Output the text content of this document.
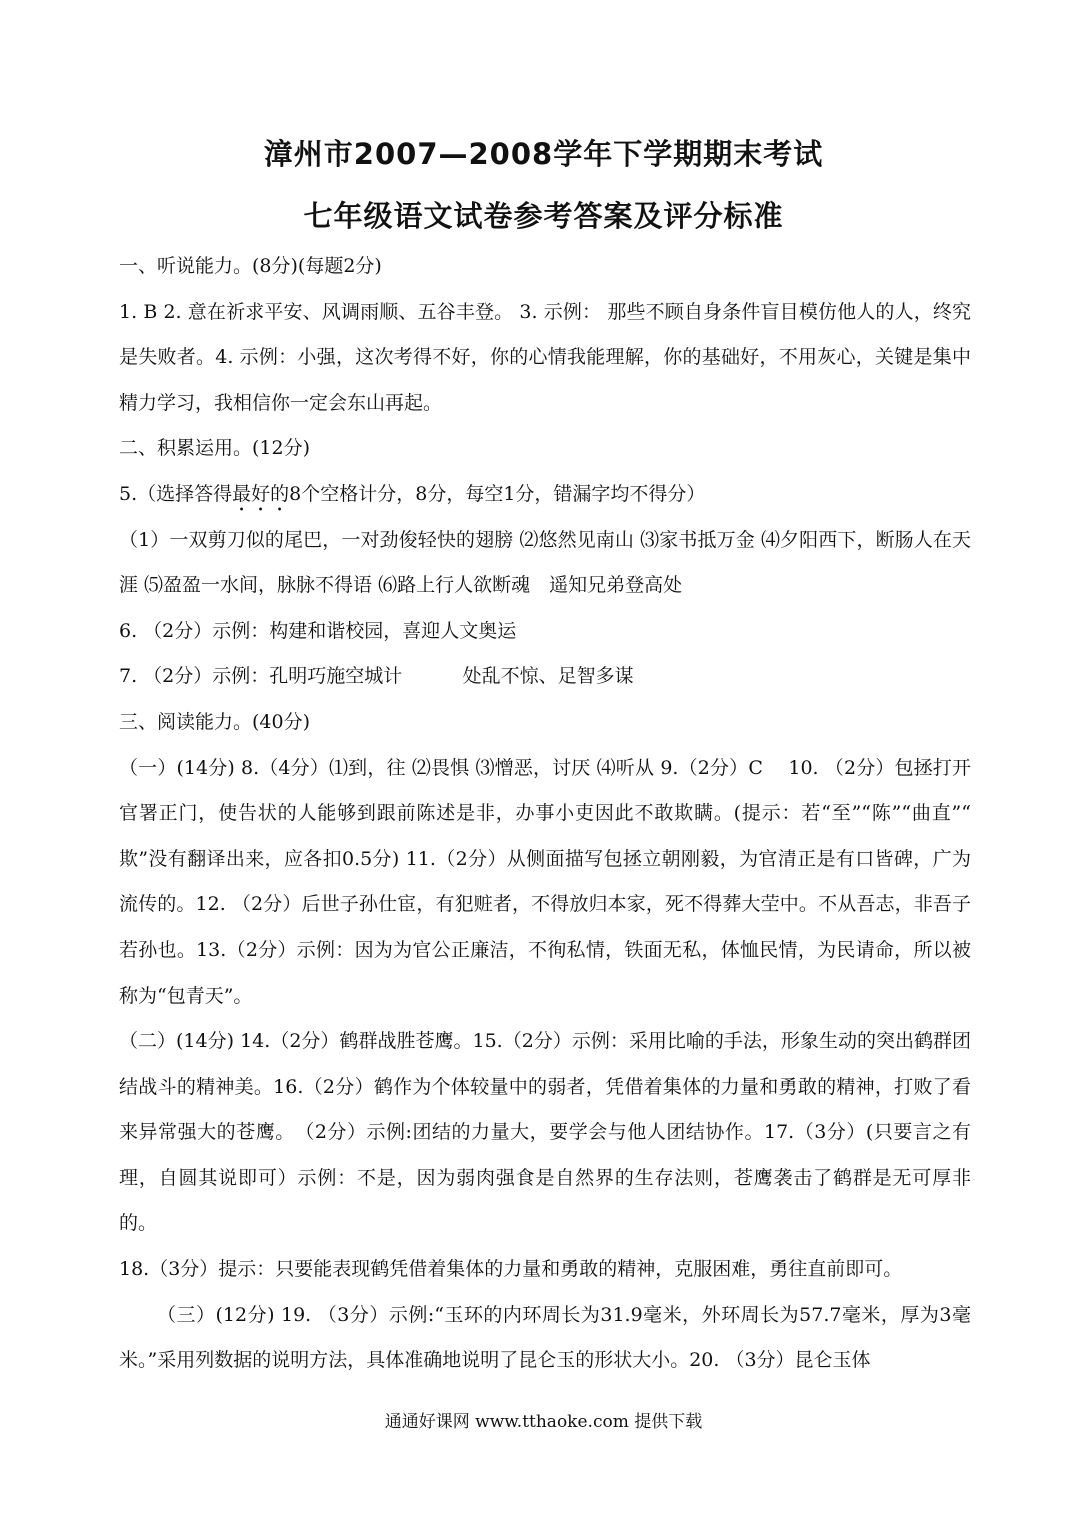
漳州市2007—2008学年下学期期末考试
七年级语文试卷参考答案及评分标准

一、听说能力。(8分)(每题2分)

1. B 2. 意在祈求平安、风调雨顺、五谷丰登。 3. 示例： 那些不顾自身条件盲目模仿他人的人，终究是失败者。4. 示例：小强，这次考得不好，你的心情我能理解，你的基础好，不用灰心，关键是集中精力学习，我相信你一定会东山再起。

二、积累运用。(12分)

5.（选择答得最好的8个空格计分，8分，每空1分，错漏字均不得分）

（1）一双剪刀似的尾巴，一对劲俊轻快的翅膀 ⑵悠然见南山 ⑶家书抵万金 ⑷夕阳西下，断肠人在天涯 ⑸盈盈一水间，脉脉不得语 ⑹路上行人欲断魂　遥知兄弟登高处

6. （2分）示例：构建和谐校园，喜迎人文奥运

7. （2分）示例：孔明巧施空城计	处乱不惊、足智多谋

三、阅读能力。(40分)

（一）(14分) 8.（4分）⑴到，往 ⑵畏惧 ⑶憎恶，讨厌 ⑷听从 9.（2分）C　 10. （2分）包拯打开官署正门，使告状的人能够到跟前陈述是非，办事小吏因此不敢欺瞒。(提示：若“至”“陈”“曲直”“ 欺”没有翻译出来，应各扣0.5分) 11.（2分）从侧面描写包拯立朝刚毅，为官清正是有口皆碑，广为流传的。12. （2分）后世子孙仕宦，有犯赃者，不得放归本家，死不得葬大茔中。不从吾志，非吾子若孙也。13.（2分）示例：因为为官公正廉洁，不徇私情，铁面无私，体恤民情，为民请命，所以被称为“包青天”。

（二）(14分) 14.（2分）鹤群战胜苍鹰。15.（2分）示例：采用比喻的手法，形象生动的突出鹤群团结战斗的精神美。16.（2分）鹤作为个体较量中的弱者，凭借着集体的力量和勇敢的精神，打败了看来异常强大的苍鹰。　（2分）示例:团结的力量大，要学会与他人团结协作。17.（3分）(只要言之有理，自圆其说即可）示例：不是，因为弱肉强食是自然界的生存法则，苍鹰袭击了鹤群是无可厚非的。

18.（3分）提示：只要能表现鹤凭借着集体的力量和勇敢的精神，克服困难，勇往直前即可。

（三）(12分) 19. （3分）示例:“玉环的内环周长为31.9毫米，外环周长为57.7毫米，厚为3毫米。”采用列数据的说明方法，具体准确地说明了昆仑玉的形状大小。20. （3分）昆仑玉体

通通好课网 www.tthaoke.com 提供下载
